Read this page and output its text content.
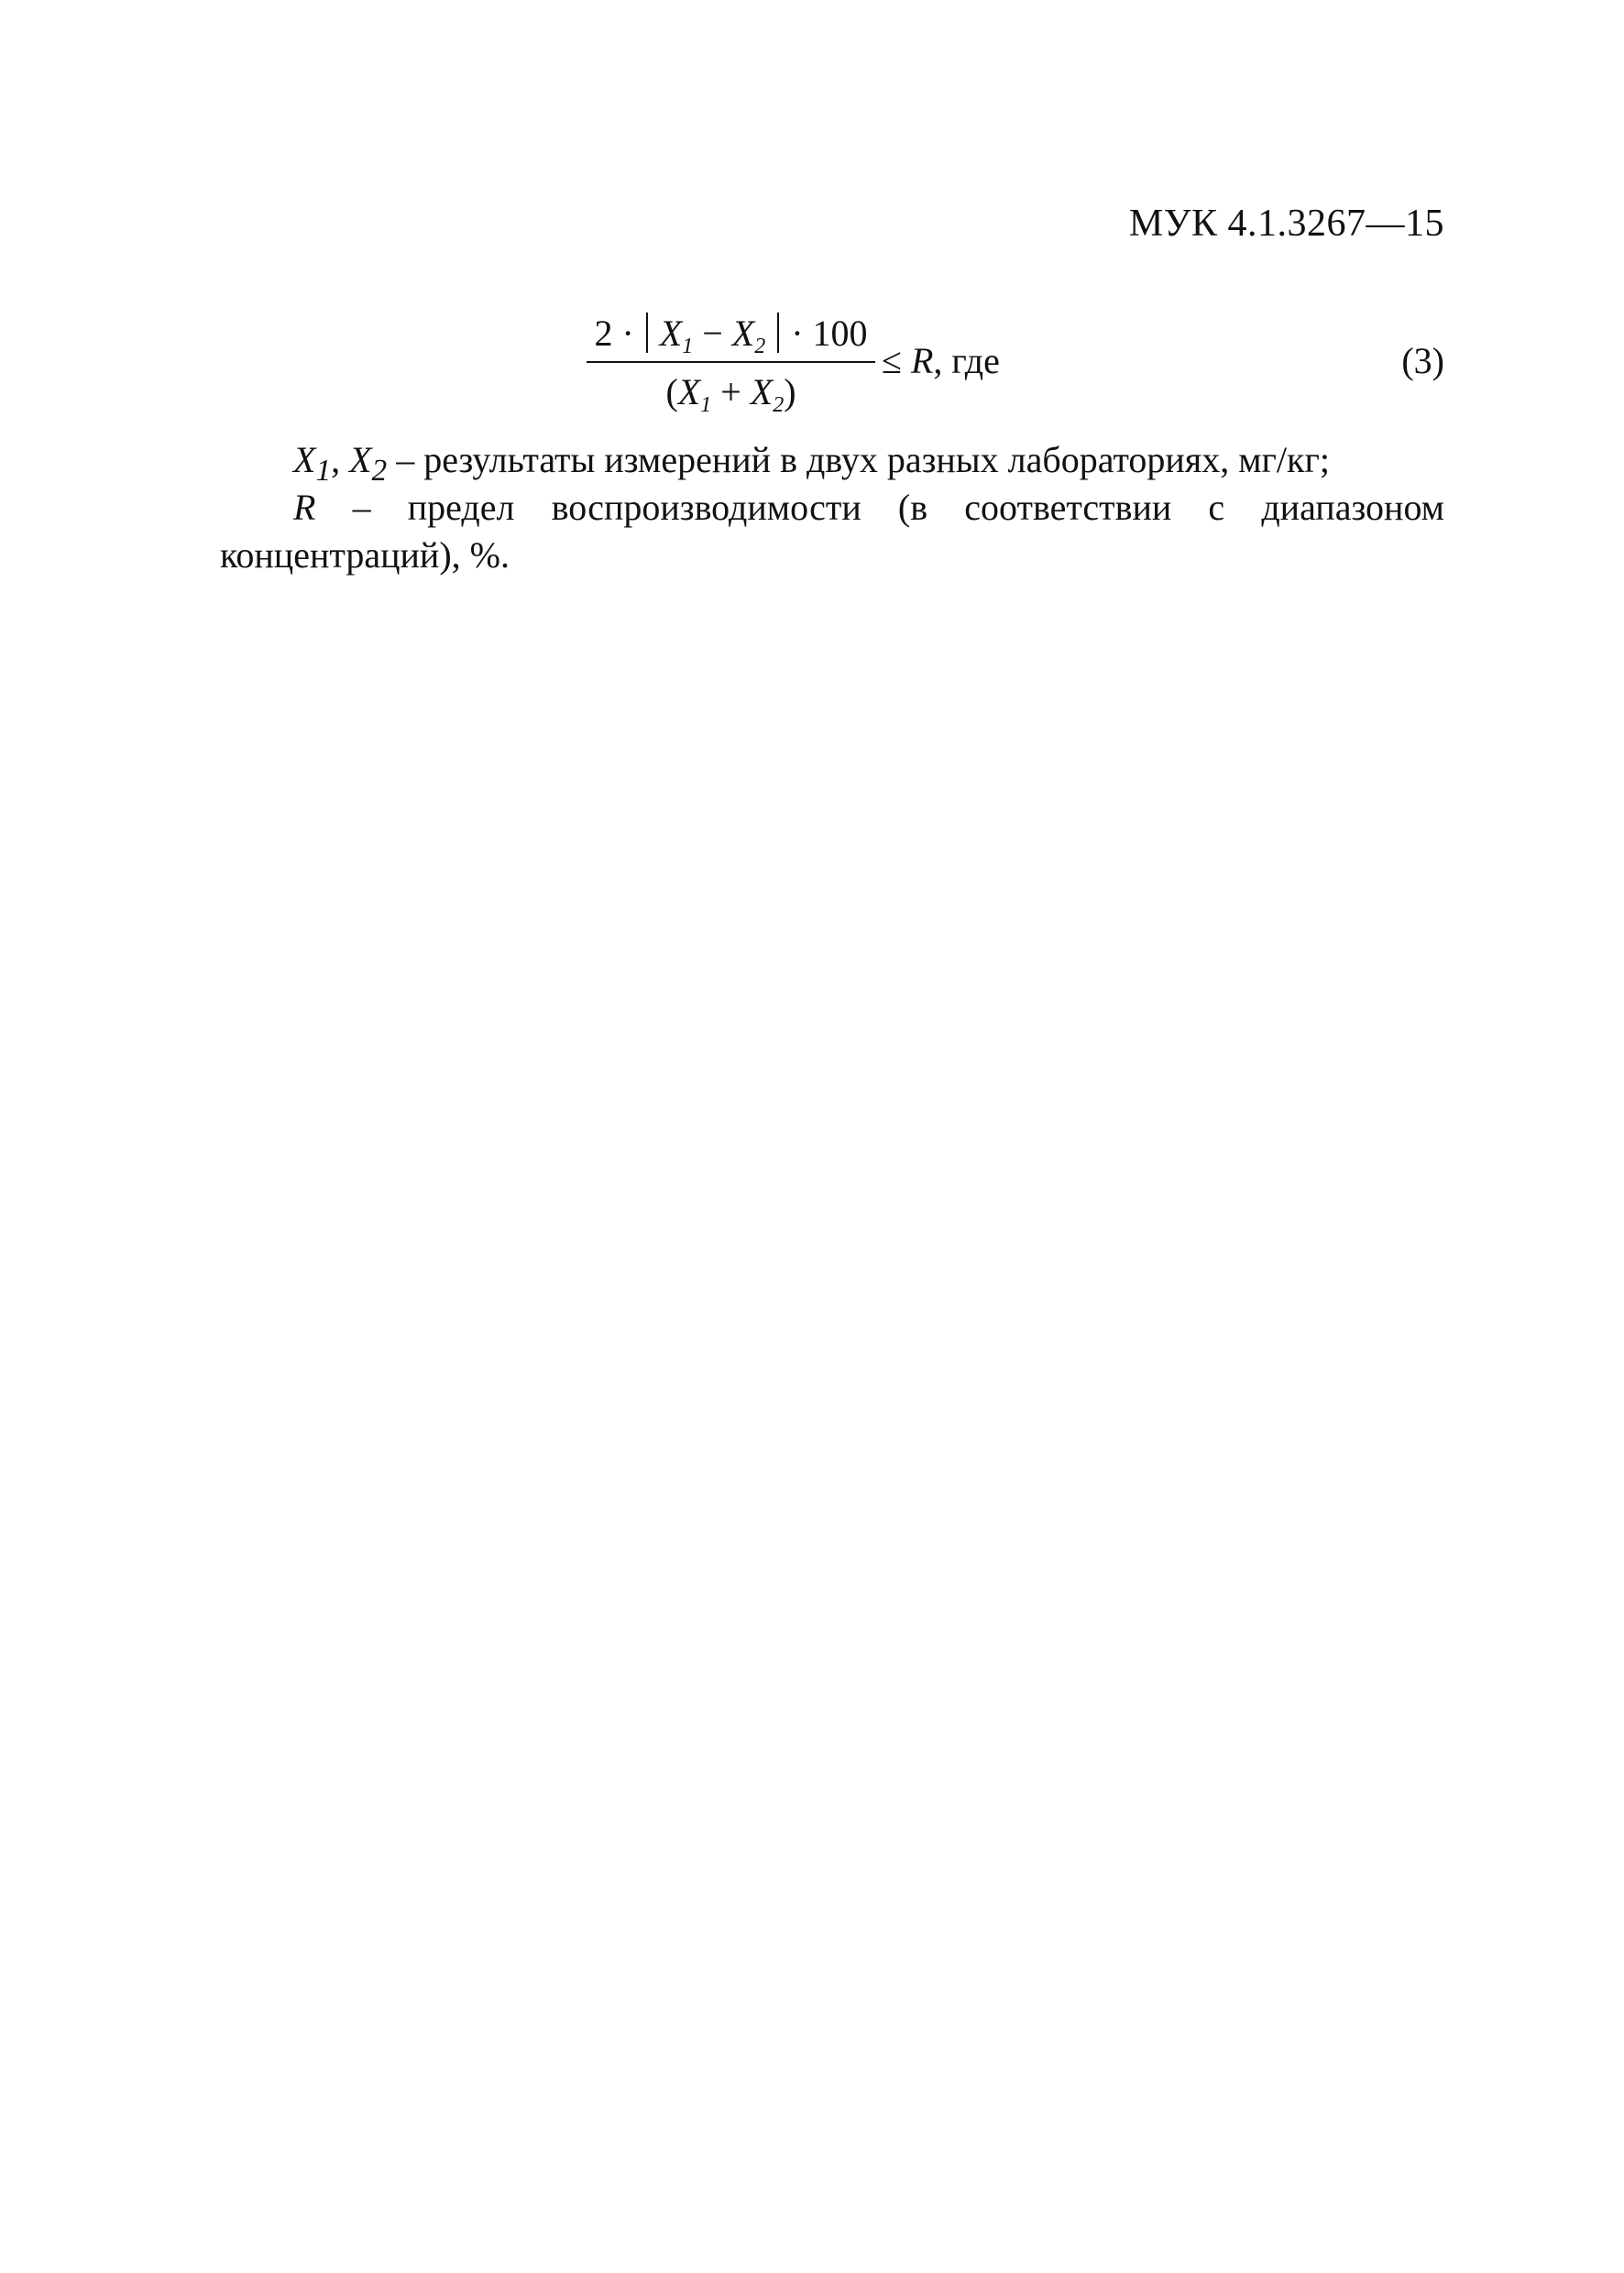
МУК 4.1.3267—15
$2 \cdot X_1 - X_2 \cdot 100$
$(X_1 + X_2)$
≤ R, где	(3)
$X_1$, $X_2$ – результаты измерений в двух разных лабораториях, мг/кг;
R – предел воспроизводимости (в соответствии с диапазоном концентраций), %.
